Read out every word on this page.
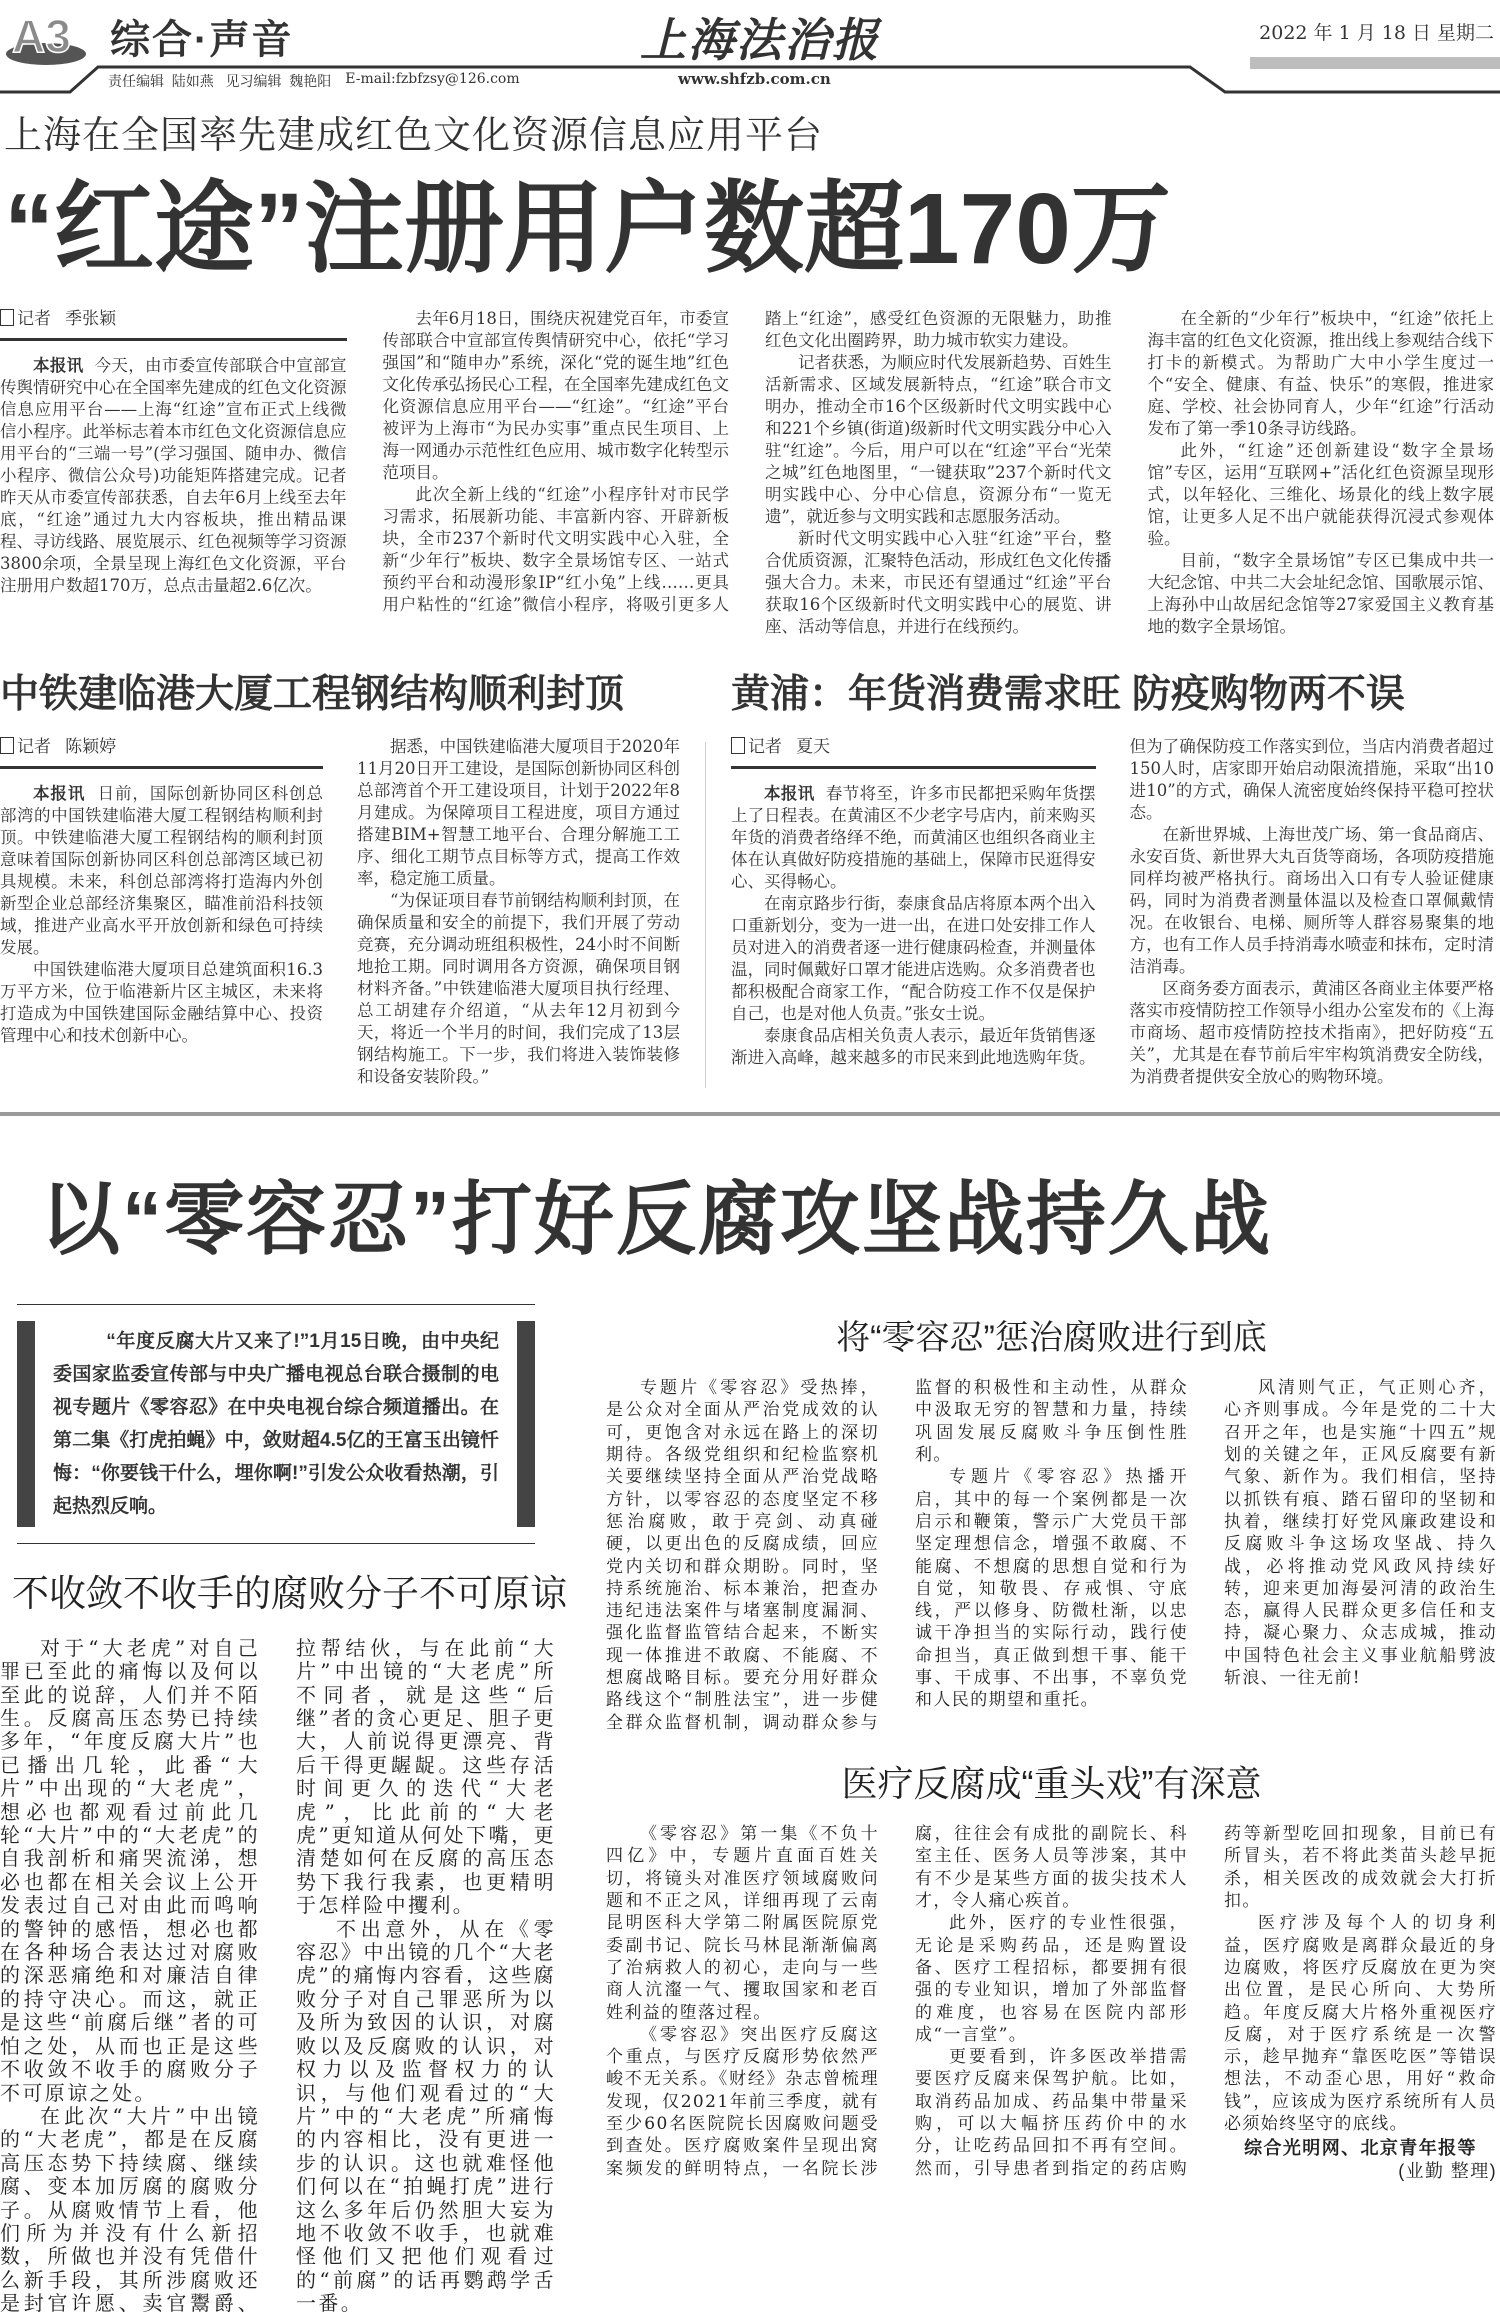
A3 综合·声音	上海法治报	2022 年 1 月 18 日 星期二
责任编辑  陆如燕   见习编辑  魏艳阳 E-mail:fzbfzsy@126.com	www.shfzb.com.cn
上海在全国率先建成红色文化资源信息应用平台
“红途”注册用户数超170万
记者 季张颖

本报讯 今天，由市委宣传部联合中宣部宣传舆情研究中心在全国率先建成的红色文化资源信息应用平台——上海“红途”宣布正式上线微信小程序。此举标志着本市红色文化资源信息应用平台的“三端一号”(学习强国、随申办、微信小程序、微信公众号)功能矩阵搭建完成。记者昨天从市委宣传部获悉，自去年6月上线至去年底，“红途”通过九大内容板块，推出精品课程、寻访线路、展览展示、红色视频等学习资源3800余项，全景呈现上海红色文化资源，平台注册用户数超170万，总点击量超2.6亿次。

去年6月18日，围绕庆祝建党百年，市委宣传部联合中宣部宣传舆情研究中心，依托“学习强国”和“随申办”系统，深化“党的诞生地”红色文化传承弘扬民心工程，在全国率先建成红色文化资源信息应用平台——“红途”。“红途”平台被评为上海市“为民办实事”重点民生项目、上海一网通办示范性红色应用、城市数字化转型示范项目。

此次全新上线的“红途”小程序针对市民学习需求，拓展新功能、丰富新内容、开辟新板块，全市237个新时代文明实践中心入驻，全新“少年行”板块、数字全景场馆专区、一站式预约平台和动漫形象IP“红小兔”上线……更具用户粘性的“红途”微信小程序，将吸引更多人踏上“红途”，感受红色资源的无限魅力，助推红色文化出圈跨界，助力城市软实力建设。

记者获悉，为顺应时代发展新趋势、百姓生活新需求、区域发展新特点，“红途”联合市文明办，推动全市16个区级新时代文明实践中心和221个乡镇(街道)级新时代文明实践分中心入驻“红途”。今后，用户可以在“红途”平台“光荣之城”红色地图里，“一键获取”237个新时代文明实践中心、分中心信息，资源分布“一览无遗”，就近参与文明实践和志愿服务活动。

新时代文明实践中心入驻“红途”平台，整合优质资源，汇聚特色活动，形成红色文化传播强大合力。未来，市民还有望通过“红途”平台获取16个区级新时代文明实践中心的展览、讲座、活动等信息，并进行在线预约。

在全新的“少年行”板块中，“红途”依托上海丰富的红色文化资源，推出线上参观结合线下打卡的新模式。为帮助广大中小学生度过一个“安全、健康、有益、快乐”的寒假，推进家庭、学校、社会协同育人，少年“红途”行活动发布了第一季10条寻访线路。

此外，“红途”还创新建设“数字全景场馆”专区，运用“互联网+”活化红色资源呈现形式，以年轻化、三维化、场景化的线上数字展馆，让更多人足不出户就能获得沉浸式参观体验。

目前，“数字全景场馆”专区已集成中共一大纪念馆、中共二大会址纪念馆、国歌展示馆、上海孙中山故居纪念馆等27家爱国主义教育基地的数字全景场馆。

中铁建临港大厦工程钢结构顺利封顶
记者 陈颖婷

本报讯 日前，国际创新协同区科创总部湾的中国铁建临港大厦工程钢结构顺利封顶。中铁建临港大厦工程钢结构的顺利封顶意味着国际创新协同区科创总部湾区域已初具规模。未来，科创总部湾将打造海内外创新型企业总部经济集聚区，瞄准前沿科技领域，推进产业高水平开放创新和绿色可持续发展。

中国铁建临港大厦项目总建筑面积16.3万平方米，位于临港新片区主城区，未来将打造成为中国铁建国际金融结算中心、投资管理中心和技术创新中心。

据悉，中国铁建临港大厦项目于2020年11月20日开工建设，是国际创新协同区科创总部湾首个开工建设项目，计划于2022年8月建成。为保障项目工程进度，项目方通过搭建BIM+智慧工地平台、合理分解施工工序、细化工期节点目标等方式，提高工作效率，稳定施工质量。

“为保证项目春节前钢结构顺利封顶，在确保质量和安全的前提下，我们开展了劳动竞赛，充分调动班组积极性，24小时不间断地抢工期。同时调用各方资源，确保项目钢材料齐备。”中铁建临港大厦项目执行经理、总工胡建存介绍道，“从去年12月初到今天，将近一个半月的时间，我们完成了13层钢结构施工。下一步，我们将进入装饰装修和设备安装阶段。”

黄浦：年货消费需求旺 防疫购物两不误
记者 夏天

本报讯 春节将至，许多市民都把采购年货摆上了日程表。在黄浦区不少老字号店内，前来购买年货的消费者络绎不绝，而黄浦区也组织各商业主体在认真做好防疫措施的基础上，保障市民逛得安心、买得畅心。

在南京路步行街，泰康食品店将原本两个出入口重新划分，变为一进一出，在进口处安排工作人员对进入的消费者逐一进行健康码检查，并测量体温，同时佩戴好口罩才能进店选购。众多消费者也都积极配合商家工作，“配合防疫工作不仅是保护自己，也是对他人负责。”张女士说。

泰康食品店相关负责人表示，最近年货销售逐渐进入高峰，越来越多的市民来到此地选购年货。但为了确保防疫工作落实到位，当店内消费者超过150人时，店家即开始启动限流措施，采取“出10进10”的方式，确保人流密度始终保持平稳可控状态。

在新世界城、上海世茂广场、第一食品商店、永安百货、新世界大丸百货等商场，各项防疫措施同样均被严格执行。商场出入口有专人验证健康码，同时为消费者测量体温以及检查口罩佩戴情况。在收银台、电梯、厕所等人群容易聚集的地方，也有工作人员手持消毒水喷壶和抹布，定时清洁消毒。

区商务委方面表示，黄浦区各商业主体要严格落实市疫情防控工作领导小组办公室发布的《上海市商场、超市疫情防控技术指南》，把好防疫“五关”，尤其是在春节前后牢牢构筑消费安全防线，为消费者提供安全放心的购物环境。

以“零容忍”打好反腐攻坚战持久战
“年度反腐大片又来了!”1月15日晚，由中央纪委国家监委宣传部与中央广播电视总台联合摄制的电视专题片《零容忍》在中央电视台综合频道播出。在第二集《打虎拍蝇》中，敛财超4.5亿的王富玉出镜忏悔：“你要钱干什么，埋你啊!”引发公众收看热潮，引起热烈反响。
不收敛不收手的腐败分子不可原谅

对于“大老虎”对自己罪已至此的痛悔以及何以至此的说辞，人们并不陌生。反腐高压态势已持续多年，“年度反腐大片”也已播出几轮，此番“大片”中出现的“大老虎”，想必也都观看过前此几轮“大片”中的“大老虎”的自我剖析和痛哭流涕，想必也都在相关会议上公开发表过自己对由此而鸣响的警钟的感悟，想必也都在各种场合表达过对腐败的深恶痛绝和对廉洁自律的持守决心。而这，就正是这些“前腐后继”者的可怕之处，从而也正是这些不收敛不收手的腐败分子不可原谅之处。

在此次“大片”中出镜的“大老虎”，都是在反腐高压态势下持续腐、继续腐、变本加厉腐的腐败分子。从腐败情节上看，他们所为并没有什么新招数，所做也并没有凭借什么新手段，其所涉腐败还是封官许愿、卖官鬻爵、拉帮结伙，与在此前“大片”中出镜的“大老虎”所不同者，就是这些“后继”者的贪心更足、胆子更大，人前说得更漂亮、背后干得更龌龊。这些存活时间更久的迭代“大老虎”，比此前的“大老虎”更知道从何处下嘴，更清楚如何在反腐的高压态势下我行我素，也更精明于怎样险中攫利。

不出意外，从在《零容忍》中出镜的几个“大老虎”的痛悔内容看，这些腐败分子对自己罪恶所为以及所为致因的认识，对腐败以及反腐败的认识，对权力以及监督权力的认识，与他们观看过的“大片”中的“大老虎”所痛悔的内容相比，没有更进一步的认识。这也就难怪他们何以在“拍蝇打虎”进行这么多年后仍然胆大妄为地不收敛不收手，也就难怪他们又把他们观看过的“前腐”的话再鹦鹉学舌一番。

将“零容忍”惩治腐败进行到底

专题片《零容忍》受热捧，是公众对全面从严治党成效的认可，更饱含对永远在路上的深切期待。各级党组织和纪检监察机关要继续坚持全面从严治党战略方针，以零容忍的态度坚定不移惩治腐败，敢于亮剑、动真碰硬，以更出色的反腐成绩，回应党内关切和群众期盼。同时，坚持系统施治、标本兼治，把查办违纪违法案件与堵塞制度漏洞、强化监督监管结合起来，不断实现一体推进不敢腐、不能腐、不想腐战略目标。要充分用好群众路线这个“制胜法宝”，进一步健全群众监督机制，调动群众参与监督的积极性和主动性，从群众中汲取无穷的智慧和力量，持续巩固发展反腐败斗争压倒性胜利。

专题片《零容忍》热播开启，其中的每一个案例都是一次启示和鞭策，警示广大党员干部坚定理想信念，增强不敢腐、不能腐、不想腐的思想自觉和行为自觉，知敬畏、存戒惧、守底线，严以修身、防微杜渐，以忠诚干净担当的实际行动，践行使命担当，真正做到想干事、能干事、干成事、不出事，不辜负党和人民的期望和重托。

风清则气正，气正则心齐，心齐则事成。今年是党的二十大召开之年，也是实施“十四五”规划的关键之年，正风反腐要有新气象、新作为。我们相信，坚持以抓铁有痕、踏石留印的坚韧和执着，继续打好党风廉政建设和反腐败斗争这场攻坚战、持久战，必将推动党风政风持续好转，迎来更加海晏河清的政治生态，赢得人民群众更多信任和支持，凝心聚力、众志成城，推动中国特色社会主义事业航船劈波斩浪、一往无前!

医疗反腐成“重头戏”有深意

《零容忍》第一集《不负十四亿》中，专题片直面百姓关切，将镜头对准医疗领域腐败问题和不正之风，详细再现了云南昆明医科大学第二附属医院原党委副书记、院长马林昆渐渐偏离了治病救人的初心，走向与一些商人沆瀣一气、攫取国家和老百姓利益的堕落过程。

《零容忍》突出医疗反腐这个重点，与医疗反腐形势依然严峻不无关系。《财经》杂志曾梳理发现，仅2021年前三季度，就有至少60名医院院长因腐败问题受到查处。医疗腐败案件呈现出窝案频发的鲜明特点，一名院长涉腐，往往会有成批的副院长、科室主任、医务人员等涉案，其中有不少是某些方面的拔尖技术人才，令人痛心疾首。

此外，医疗的专业性很强，无论是采购药品，还是购置设备、医疗工程招标，都要拥有很强的专业知识，增加了外部监督的难度，也容易在医院内部形成“一言堂”。

更要看到，许多医改举措需要医疗反腐来保驾护航。比如，取消药品加成、药品集中带量采购，可以大幅挤压药价中的水分，让吃药品回扣不再有空间。然而，引导患者到指定的药店购药等新型吃回扣现象，目前已有所冒头，若不将此类苗头趁早扼杀，相关医改的成效就会大打折扣。

医疗涉及每个人的切身利益，医疗腐败是离群众最近的身边腐败，将医疗反腐放在更为突出位置，是民心所向、大势所趋。年度反腐大片格外重视医疗反腐，对于医疗系统是一次警示，趁早抛弃“靠医吃医”等错误想法，不动歪心思，用好“救命钱”，应该成为医疗系统所有人员必须始终坚守的底线。

综合光明网、北京青年报等

(业勤 整理)
